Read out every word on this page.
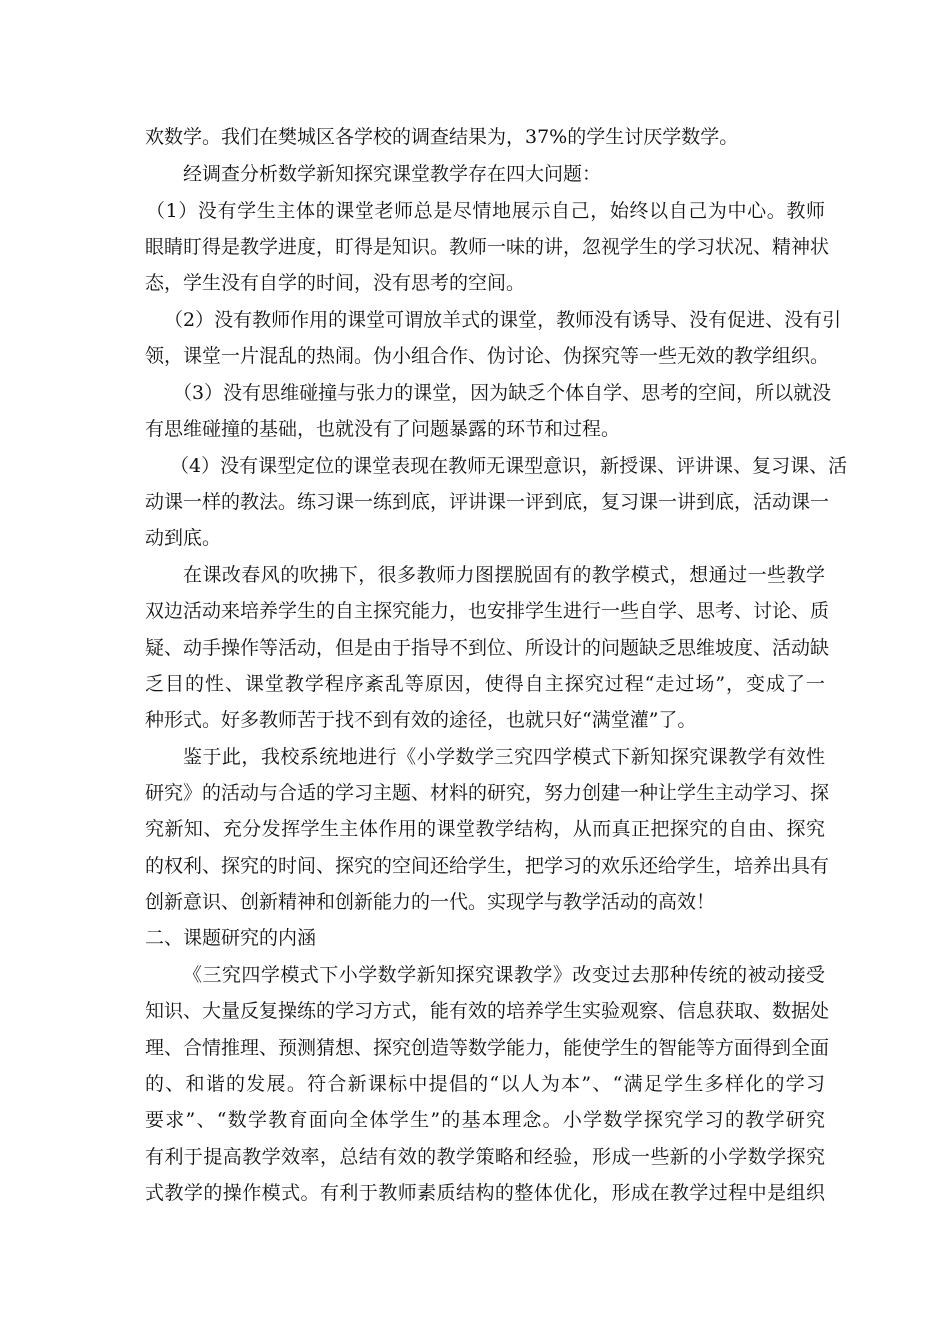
欢数学。我们在樊城区各学校的调查结果为，37%的学生讨厌学数学。
经调查分析数学新知探究课堂教学存在四大问题：
（1）没有学生主体的课堂老师总是尽情地展示自己，始终以自己为中心。教师
眼睛盯得是教学进度，盯得是知识。教师一味的讲，忽视学生的学习状况、精神状
态，学生没有自学的时间，没有思考的空间。
（2）没有教师作用的课堂可谓放羊式的课堂，教师没有诱导、没有促进、没有引
领，课堂一片混乱的热闹。伪小组合作、伪讨论、伪探究等一些无效的教学组织。
（3）没有思维碰撞与张力的课堂，因为缺乏个体自学、思考的空间，所以就没
有思维碰撞的基础，也就没有了问题暴露的环节和过程。
（4）没有课型定位的课堂表现在教师无课型意识，新授课、评讲课、复习课、活
动课一样的教法。练习课一练到底，评讲课一评到底，复习课一讲到底，活动课一
动到底。
在课改春风的吹拂下，很多教师力图摆脱固有的教学模式，想通过一些教学
双边活动来培养学生的自主探究能力，也安排学生进行一些自学、思考、讨论、质
疑、动手操作等活动，但是由于指导不到位、所设计的问题缺乏思维坡度、活动缺
乏目的性、课堂教学程序紊乱等原因，使得自主探究过程“走过场”，变成了一
种形式。好多教师苦于找不到有效的途径，也就只好“满堂灌”了。
鉴于此，我校系统地进行《小学数学三究四学模式下新知探究课教学有效性
研究》的活动与合适的学习主题、材料的研究，努力创建一种让学生主动学习、探
究新知、充分发挥学生主体作用的课堂教学结构，从而真正把探究的自由、探究
的权利、探究的时间、探究的空间还给学生，把学习的欢乐还给学生，培养出具有
创新意识、创新精神和创新能力的一代。实现学与教学活动的高效！
二、课题研究的内涵
《三究四学模式下小学数学新知探究课教学》改变过去那种传统的被动接受
知识、大量反复操练的学习方式，能有效的培养学生实验观察、信息获取、数据处
理、合情推理、预测猜想、探究创造等数学能力，能使学生的智能等方面得到全面
的、和谐的发展。符合新课标中提倡的“以人为本”、“满足学生多样化的学习
要求”、“数学教育面向全体学生”的基本理念。小学数学探究学习的教学研究
有利于提高教学效率，总结有效的教学策略和经验，形成一些新的小学数学探究
式教学的操作模式。有利于教师素质结构的整体优化，形成在教学过程中是组织
